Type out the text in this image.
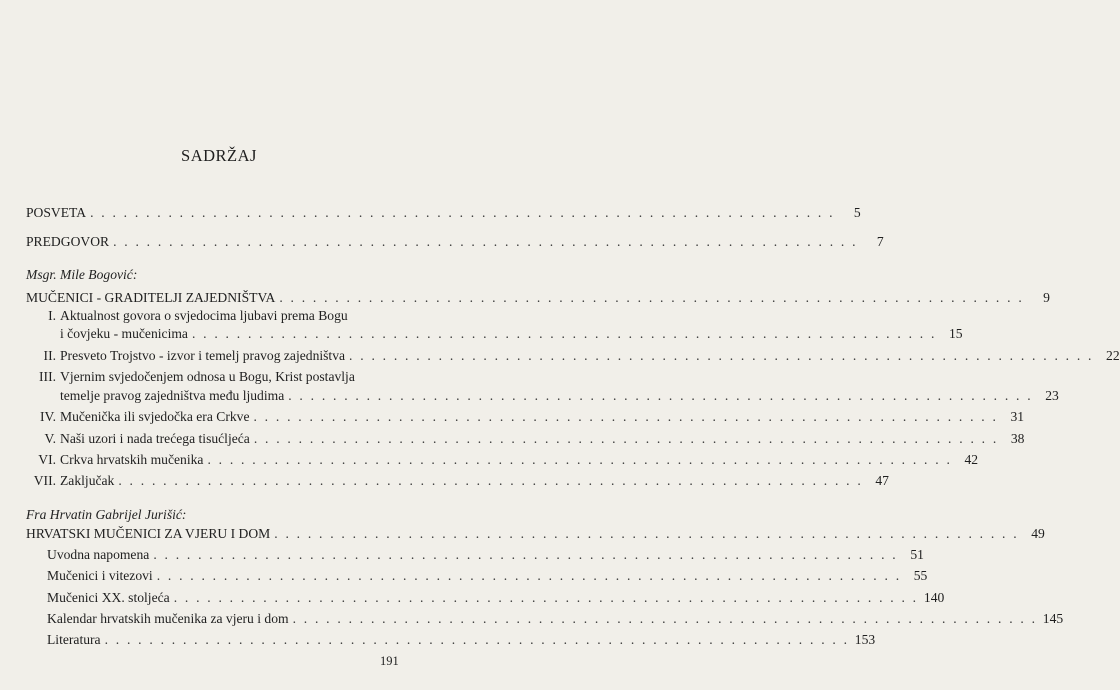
SADRŽAJ
POSVETA . . . . . . . . . . . . . . . . . . . . . . . . . . . . . . . . . . . . . . . . . . . . . . . . . . . . . . . . . . . . . . . . . . .	5
PREDGOVOR . . . . . . . . . . . . . . . . . . . . . . . . . . . . . . . . . . . . . . . . . . . . . . . . . . . . . . . . . . . . . . . . . . .	7
Msgr. Mile Bogović:
MUČENICI - GRADITELJI ZAJEDNIŠTVA . . . . . . . . . . . . . . . . . . . . . . . . . . . . . . . . . . . . . . . . . . . . . . . . . . . . . . . . . . . . . . . . . . .	9
I. Aktualnost govora o svjedocima ljubavi prema Bogu
i čovjeku - mučenicima . . . . . . . . . . . . . . . . . . . . . . . . . . . . . . . . . . . . . . . . . . . . . . . . . . . . . . . . . . . . . . . . . . . 15
II. Presveto Trojstvo - izvor i temelj pravog zajedništva . . . . . . . . . . . . . . . . . . . . . . . . . . . . . . . . . . . . . . . . . . . . . . . . . . . . . . . . . . . . . . . . . . . 22
III. Vjernim svjedočenjem odnosa u Bogu, Krist postavlja
temelje pravog zajedništva među ljudima . . . . . . . . . . . . . . . . . . . . . . . . . . . . . . . . . . . . . . . . . . . . . . . . . . . . . . . . . . . . . . . . . . . 23
IV. Mučenička ili svjedočka era Crkve . . . . . . . . . . . . . . . . . . . . . . . . . . . . . . . . . . . . . . . . . . . . . . . . . . . . . . . . . . . . . . . . . . . 31
V. Naši uzori i nada trećega tisućljeća . . . . . . . . . . . . . . . . . . . . . . . . . . . . . . . . . . . . . . . . . . . . . . . . . . . . . . . . . . . . . . . . . . . 38
VI. Crkva hrvatskih mučenika . . . . . . . . . . . . . . . . . . . . . . . . . . . . . . . . . . . . . . . . . . . . . . . . . . . . . . . . . . . . . . . . . . . 42
VII. Zaključak . . . . . . . . . . . . . . . . . . . . . . . . . . . . . . . . . . . . . . . . . . . . . . . . . . . . . . . . . . . . . . . . . . . 47
Fra Hrvatin Gabrijel Jurišić:
HRVATSKI MUČENICI ZA VJERU I DOM . . . . . . . . . . . . . . . . . . . . . . . . . . . . . . . . . . . . . . . . . . . . . . . . . . . . . . . . . . . . . . . . . . . 49
Uvodna napomena . . . . . . . . . . . . . . . . . . . . . . . . . . . . . . . . . . . . . . . . . . . . . . . . . . . . . . . . . . . . . . . . . . . 51
Mučenici i vitezovi . . . . . . . . . . . . . . . . . . . . . . . . . . . . . . . . . . . . . . . . . . . . . . . . . . . . . . . . . . . . . . . . . . . 55
Mučenici XX. stoljeća . . . . . . . . . . . . . . . . . . . . . . . . . . . . . . . . . . . . . . . . . . . . . . . . . . . . . . . . . . . . . . . . . . . 140
Kalendar hrvatskih mučenika za vjeru i dom . . . . . . . . . . . . . . . . . . . . . . . . . . . . . . . . . . . . . . . . . . . . . . . . . . . . . . . . . . . . . . . . . . . 145
Literatura . . . . . . . . . . . . . . . . . . . . . . . . . . . . . . . . . . . . . . . . . . . . . . . . . . . . . . . . . . . . . . . . . . . 153
191
